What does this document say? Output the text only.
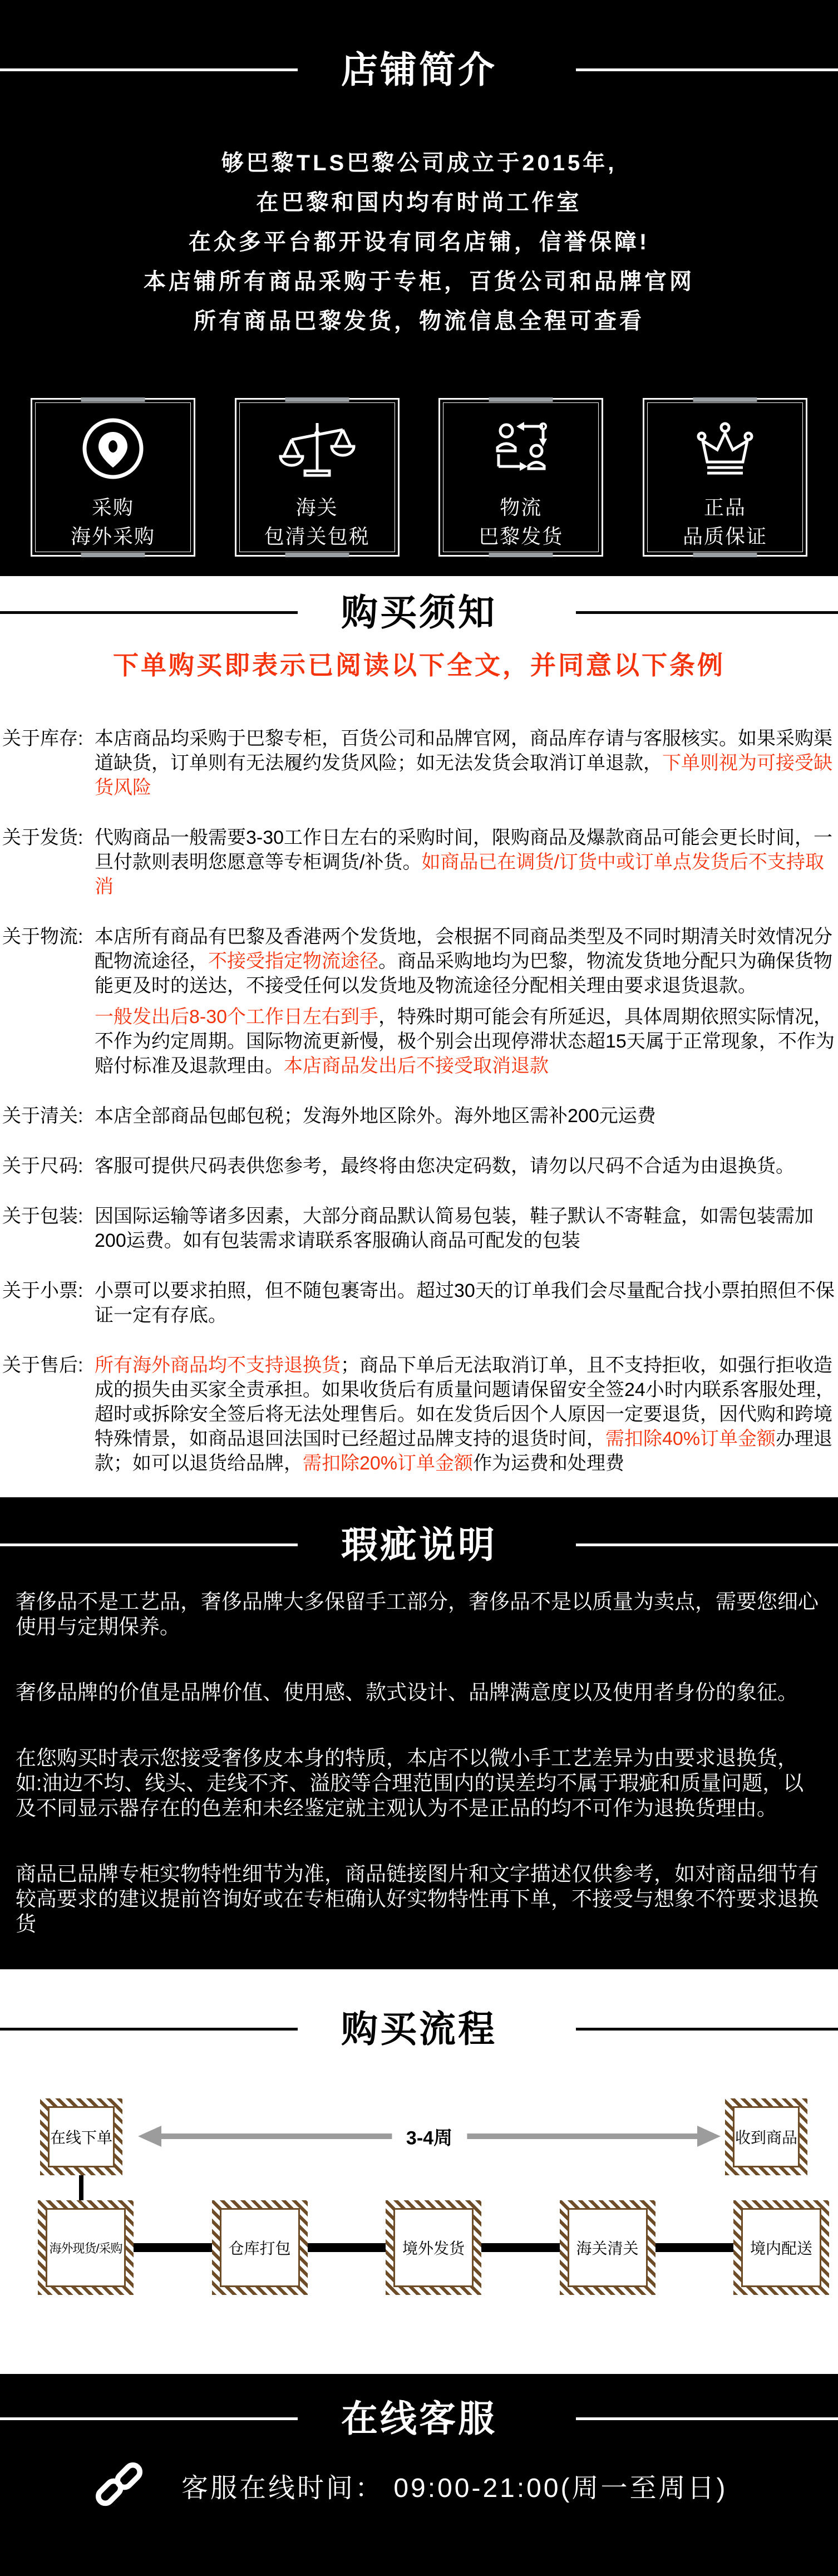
店铺简介
够巴黎TLS巴黎公司成立于2015年,
在巴黎和国内均有时尚工作室
在众多平台都开设有同名店铺，信誉保障!
本店铺所有商品采购于专柜，百货公司和品牌官网
所有商品巴黎发货，物流信息全程可查看
采购
海外采购
海关
包清关包税
物流
巴黎发货
正品
品质保证
购买须知
下单购买即表示已阅读以下全文，并同意以下条例
关于库存: 本店商品均采购于巴黎专柜，百货公司和品牌官网，商品库存请与客服核实。如果采购渠道缺货，订单则有无法履约发货风险；如无法发货会取消订单退款，下单则视为可接受缺货风险

关于发货: 代购商品一般需要3-30工作日左右的采购时间，限购商品及爆款商品可能会更长时间，一旦付款则表明您愿意等专柜调货/补货。如商品已在调货/订货中或订单点发货后不支持取消

关于物流: 本店所有商品有巴黎及香港两个发货地，会根据不同商品类型及不同时期清关时效情况分配物流途径，不接受指定物流途径。商品采购地均为巴黎，物流发货地分配只为确保货物能更及时的送达，不接受任何以发货地及物流途径分配相关理由要求退货退款。

一般发出后8-30个工作日左右到手，特殊时期可能会有所延迟，具体周期依照实际情况，不作为约定周期。国际物流更新慢，极个别会出现停滞状态超15天属于正常现象，不作为赔付标准及退款理由。本店商品发出后不接受取消退款

关于清关: 本店全部商品包邮包税；发海外地区除外。海外地区需补200元运费

关于尺码: 客服可提供尺码表供您参考，最终将由您决定码数，请勿以尺码不合适为由退换货。

关于包装: 因国际运输等诸多因素，大部分商品默认简易包装，鞋子默认不寄鞋盒，如需包装需加200运费。如有包装需求请联系客服确认商品可配发的包装

关于小票: 小票可以要求拍照，但不随包裹寄出。超过30天的订单我们会尽量配合找小票拍照但不保证一定有存底。

关于售后: 所有海外商品均不支持退换货；商品下单后无法取消订单，且不支持拒收，如强行拒收造成的损失由买家全责承担。如果收货后有质量问题请保留安全签24小时内联系客服处理，超时或拆除安全签后将无法处理售后。如在发货后因个人原因一定要退货，因代购和跨境特殊情景，如商品退回法国时已经超过品牌支持的退货时间，需扣除40%订单金额办理退款；如可以退货给品牌，需扣除20%订单金额作为运费和处理费

瑕疵说明

奢侈品不是工艺品，奢侈品牌大多保留手工部分，奢侈品不是以质量为卖点，需要您细心使用与定期保养。

奢侈品牌的价值是品牌价值、使用感、款式设计、品牌满意度以及使用者身份的象征。

在您购买时表示您接受奢侈皮本身的特质，本店不以微小手工艺差异为由要求退换货，如:油边不均、线头、走线不齐、溢胶等合理范围内的误差均不属于瑕疵和质量问题，以及不同显示器存在的色差和未经鉴定就主观认为不是正品的均不可作为退换货理由。

商品已品牌专柜实物特性细节为准，商品链接图片和文字描述仅供参考，如对商品细节有较高要求的建议提前咨询好或在专柜确认好实物特性再下单，不接受与想象不符要求退换货

购买流程
在线下单	3-4周	收到商品
海外现货/采购	仓库打包	境外发货	海关清关	境内配送
在线客服
客服在线时间： 09:00-21:00(周一至周日)
